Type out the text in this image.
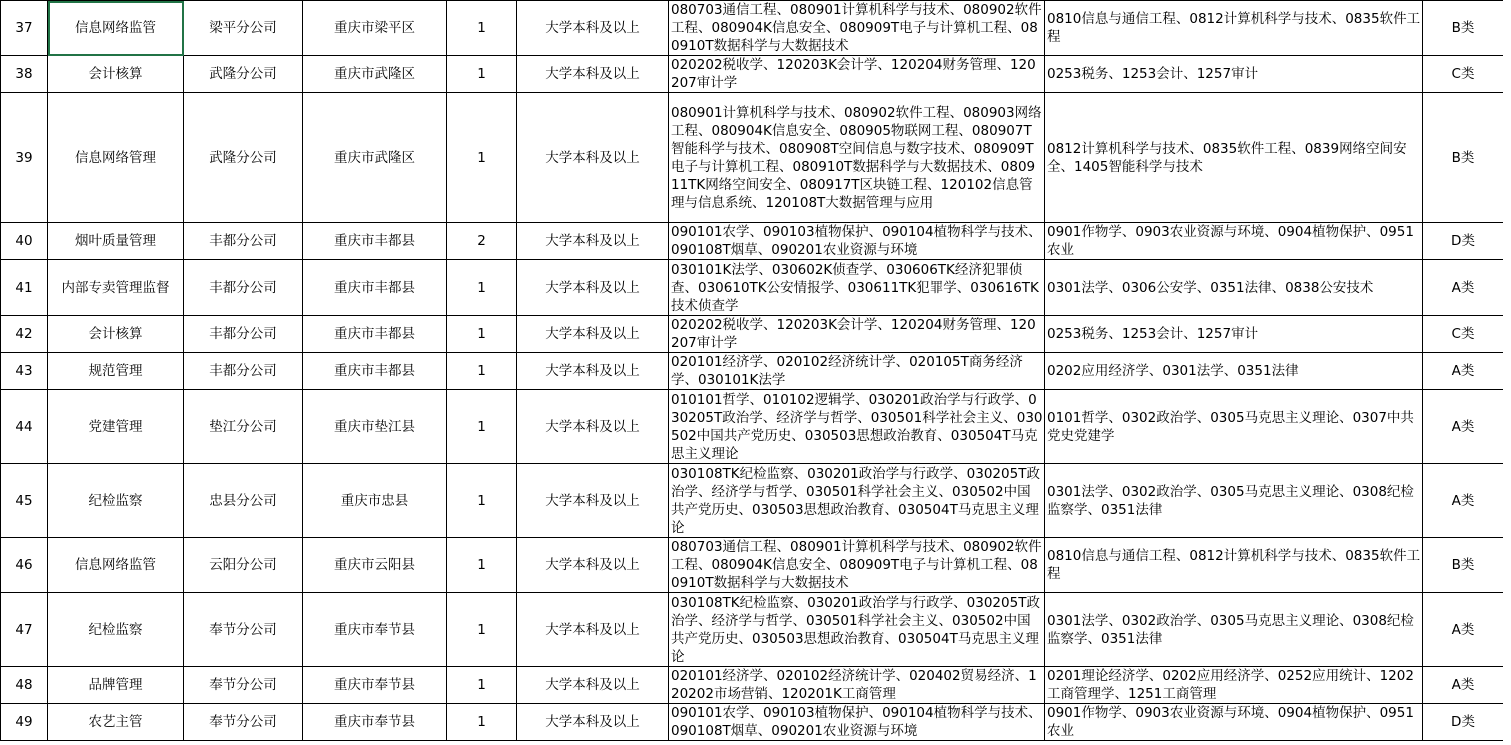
37	信息网络监管	梁平分公司	重庆市梁平区	1	大学本科及以上	080703通信工程、080901计算机科学与技术、080902软件工程、080904K信息安全、080909T电子与计算机工程、080910T数据科学与大数据技术	0810信息与通信工程、0812计算机科学与技术、0835软件工程	B类
38	会计核算	武隆分公司	重庆市武隆区	1	大学本科及以上	020202税收学、120203K会计学、120204财务管理、120207审计学	0253税务、1253会计、1257审计	C类
39	信息网络管理	武隆分公司	重庆市武隆区	1	大学本科及以上	080901计算机科学与技术、080902软件工程、080903网络工程、080904K信息安全、080905物联网工程、080907T智能科学与技术、080908T空间信息与数字技术、080909T电子与计算机工程、080910T数据科学与大数据技术、080911TK网络空间安全、080917T区块链工程、120102信息管理与信息系统、120108T大数据管理与应用	0812计算机科学与技术、0835软件工程、0839网络空间安全、1405智能科学与技术	B类
40	烟叶质量管理	丰都分公司	重庆市丰都县	2	大学本科及以上	090101农学、090103植物保护、090104植物科学与技术、090108T烟草、090201农业资源与环境	0901作物学、0903农业资源与环境、0904植物保护、0951农业	D类
41	内部专卖管理监督	丰都分公司	重庆市丰都县	1	大学本科及以上	030101K法学、030602K侦查学、030606TK经济犯罪侦查、030610TK公安情报学、030611TK犯罪学、030616TK技术侦查学	0301法学、0306公安学、0351法律、0838公安技术	A类
42	会计核算	丰都分公司	重庆市丰都县	1	大学本科及以上	020202税收学、120203K会计学、120204财务管理、120207审计学	0253税务、1253会计、1257审计	C类
43	规范管理	丰都分公司	重庆市丰都县	1	大学本科及以上	020101经济学、020102经济统计学、020105T商务经济学、030101K法学	0202应用经济学、0301法学、0351法律	A类
44	党建管理	垫江分公司	重庆市垫江县	1	大学本科及以上	010101哲学、010102逻辑学、030201政治学与行政学、030205T政治学、经济学与哲学、030501科学社会主义、030502中国共产党历史、030503思想政治教育、030504T马克思主义理论	0101哲学、0302政治学、0305马克思主义理论、0307中共党史党建学	A类
45	纪检监察	忠县分公司	重庆市忠县	1	大学本科及以上	030108TK纪检监察、030201政治学与行政学、030205T政治学、经济学与哲学、030501科学社会主义、030502中国共产党历史、030503思想政治教育、030504T马克思主义理论	0301法学、0302政治学、0305马克思主义理论、0308纪检监察学、0351法律	A类
46	信息网络监管	云阳分公司	重庆市云阳县	1	大学本科及以上	080703通信工程、080901计算机科学与技术、080902软件工程、080904K信息安全、080909T电子与计算机工程、080910T数据科学与大数据技术	0810信息与通信工程、0812计算机科学与技术、0835软件工程	B类
47	纪检监察	奉节分公司	重庆市奉节县	1	大学本科及以上	030108TK纪检监察、030201政治学与行政学、030205T政治学、经济学与哲学、030501科学社会主义、030502中国共产党历史、030503思想政治教育、030504T马克思主义理论	0301法学、0302政治学、0305马克思主义理论、0308纪检监察学、0351法律	A类
48	品牌管理	奉节分公司	重庆市奉节县	1	大学本科及以上	020101经济学、020102经济统计学、020402贸易经济、120202市场营销、120201K工商管理	0201理论经济学、0202应用经济学、0252应用统计、1202工商管理学、1251工商管理	A类
49	农艺主管	奉节分公司	重庆市奉节县	1	大学本科及以上	090101农学、090103植物保护、090104植物科学与技术、090108T烟草、090201农业资源与环境	0901作物学、0903农业资源与环境、0904植物保护、0951农业	D类
